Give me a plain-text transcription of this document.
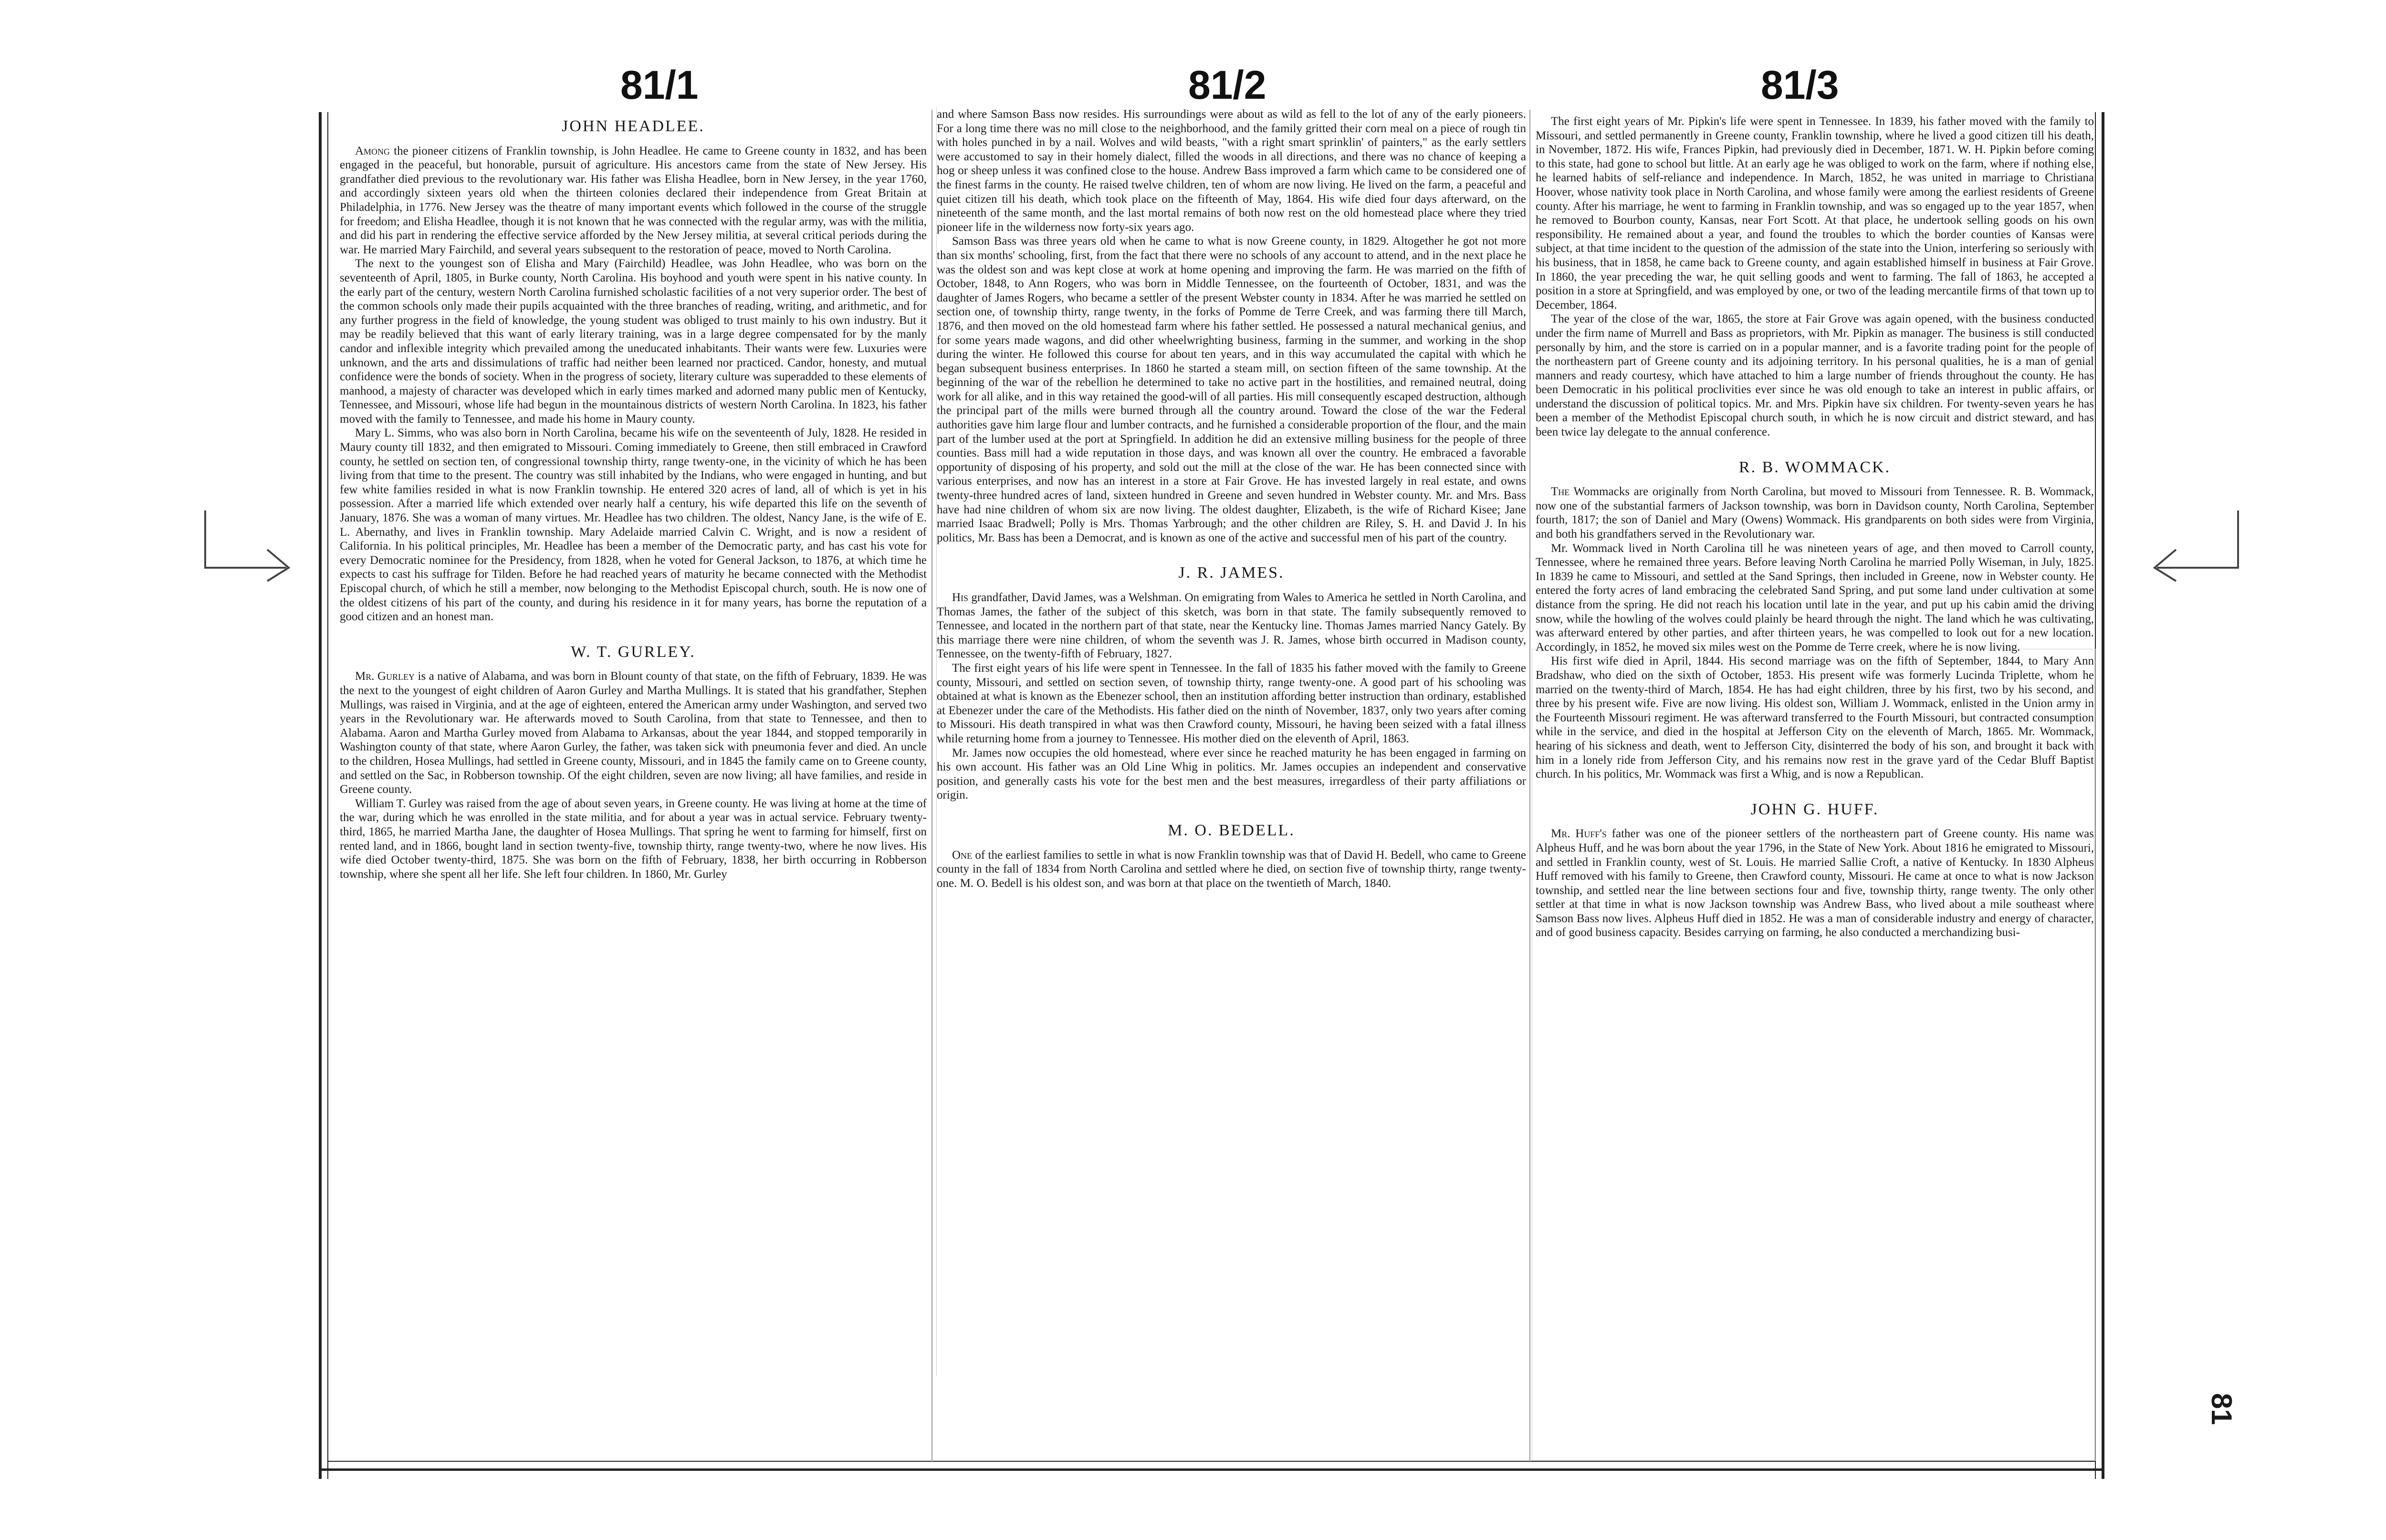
81/1	81/2	81/3
81
JOHN HEADLEE.

Among the pioneer citizens of Franklin township, is John Headlee. He came to Greene county in 1832, and has been engaged in the peaceful, but honorable, pursuit of agriculture. His ancestors came from the state of New Jersey. His grandfather died previous to the revolutionary war. His father was Elisha Headlee, born in New Jersey, in the year 1760, and accordingly sixteen years old when the thirteen colonies declared their independence from Great Britain at Philadelphia, in 1776. New Jersey was the theatre of many important events which followed in the course of the struggle for freedom; and Elisha Headlee, though it is not known that he was connected with the regular army, was with the militia, and did his part in rendering the effective service afforded by the New Jersey militia, at several critical periods during the war. He married Mary Fairchild, and several years subsequent to the restoration of peace, moved to North Carolina.

The next to the youngest son of Elisha and Mary (Fairchild) Headlee, was John Headlee, who was born on the seventeenth of April, 1805, in Burke county, North Carolina. His boyhood and youth were spent in his native county. In the early part of the century, western North Carolina furnished scholastic facilities of a not very superior order. The best of the common schools only made their pupils acquainted with the three branches of reading, writing, and arithmetic, and for any further progress in the field of knowledge, the young student was obliged to trust mainly to his own industry. But it may be readily believed that this want of early literary training, was in a large degree compensated for by the manly candor and inflexible integrity which prevailed among the uneducated inhabitants. Their wants were few. Luxuries were unknown, and the arts and dissimulations of traffic had neither been learned nor practiced. Candor, honesty, and mutual confidence were the bonds of society. When in the progress of society, literary culture was superadded to these elements of manhood, a majesty of character was developed which in early times marked and adorned many public men of Kentucky, Tennessee, and Missouri, whose life had begun in the mountainous districts of western North Carolina. In 1823, his father moved with the family to Tennessee, and made his home in Maury county.

Mary L. Simms, who was also born in North Carolina, became his wife on the seventeenth of July, 1828. He resided in Maury county till 1832, and then emigrated to Missouri. Coming immediately to Greene, then still embraced in Crawford county, he settled on section ten, of congressional township thirty, range twenty-one, in the vicinity of which he has been living from that time to the present. The country was still inhabited by the Indians, who were engaged in hunting, and but few white families resided in what is now Franklin township. He entered 320 acres of land, all of which is yet in his possession. After a married life which extended over nearly half a century, his wife departed this life on the seventh of January, 1876. She was a woman of many virtues. Mr. Headlee has two children. The oldest, Nancy Jane, is the wife of E. L. Abernathy, and lives in Franklin township. Mary Adelaide married Calvin C. Wright, and is now a resident of California. In his political principles, Mr. Headlee has been a member of the Democratic party, and has cast his vote for every Democratic nominee for the Presidency, from 1828, when he voted for General Jackson, to 1876, at which time he expects to cast his suffrage for Tilden. Before he had reached years of maturity he became connected with the Methodist Episcopal church, of which he still a member, now belonging to the Methodist Episcopal church, south. He is now one of the oldest citizens of his part of the county, and during his residence in it for many years, has borne the reputation of a good citizen and an honest man.

W. T. GURLEY.

Mr. Gurley is a native of Alabama, and was born in Blount county of that state, on the fifth of February, 1839. He was the next to the youngest of eight children of Aaron Gurley and Martha Mullings. It is stated that his grandfather, Stephen Mullings, was raised in Virginia, and at the age of eighteen, entered the American army under Washington, and served two years in the Revolutionary war. He afterwards moved to South Carolina, from that state to Tennessee, and then to Alabama. Aaron and Martha Gurley moved from Alabama to Arkansas, about the year 1844, and stopped temporarily in Washington county of that state, where Aaron Gurley, the father, was taken sick with pneumonia fever and died. An uncle to the children, Hosea Mullings, had settled in Greene county, Missouri, and in 1845 the family came on to Greene county, and settled on the Sac, in Robberson township. Of the eight children, seven are now living; all have families, and reside in Greene county.

William T. Gurley was raised from the age of about seven years, in Greene county. He was living at home at the time of the war, during which he was enrolled in the state militia, and for about a year was in actual service. February twenty-third, 1865, he married Martha Jane, the daughter of Hosea Mullings. That spring he went to farming for himself, first on rented land, and in 1866, bought land in section twenty-five, township thirty, range twenty-two, where he now lives. His wife died October twenty-third, 1875. She was born on the fifth of February, 1838, her birth occurring in Robberson township, where she spent all her life. She left four children. In 1860, Mr. Gurley

and where Samson Bass now resides. His surroundings were about as wild as fell to the lot of any of the early pioneers. For a long time there was no mill close to the neighborhood, and the family gritted their corn meal on a piece of rough tin with holes punched in by a nail. Wolves and wild beasts, "with a right smart sprinklin' of painters," as the early settlers were accustomed to say in their homely dialect, filled the woods in all directions, and there was no chance of keeping a hog or sheep unless it was confined close to the house. Andrew Bass improved a farm which came to be considered one of the finest farms in the county. He raised twelve children, ten of whom are now living. He lived on the farm, a peaceful and quiet citizen till his death, which took place on the fifteenth of May, 1864. His wife died four days afterward, on the nineteenth of the same month, and the last mortal remains of both now rest on the old homestead place where they tried pioneer life in the wilderness now forty-six years ago.

Samson Bass was three years old when he came to what is now Greene county, in 1829. Altogether he got not more than six months' schooling, first, from the fact that there were no schools of any account to attend, and in the next place he was the oldest son and was kept close at work at home opening and improving the farm. He was married on the fifth of October, 1848, to Ann Rogers, who was born in Middle Tennessee, on the fourteenth of October, 1831, and was the daughter of James Rogers, who became a settler of the present Webster county in 1834. After he was married he settled on section one, of township thirty, range twenty, in the forks of Pomme de Terre Creek, and was farming there till March, 1876, and then moved on the old homestead farm where his father settled. He possessed a natural mechanical genius, and for some years made wagons, and did other wheelwrighting business, farming in the summer, and working in the shop during the winter. He followed this course for about ten years, and in this way accumulated the capital with which he began subsequent business enterprises. In 1860 he started a steam mill, on section fifteen of the same township. At the beginning of the war of the rebellion he determined to take no active part in the hostilities, and remained neutral, doing work for all alike, and in this way retained the good-will of all parties. His mill consequently escaped destruction, although the principal part of the mills were burned through all the country around. Toward the close of the war the Federal authorities gave him large flour and lumber contracts, and he furnished a considerable proportion of the flour, and the main part of the lumber used at the port at Springfield. In addition he did an extensive milling business for the people of three counties. Bass mill had a wide reputation in those days, and was known all over the country. He embraced a favorable opportunity of disposing of his property, and sold out the mill at the close of the war. He has been connected since with various enterprises, and now has an interest in a store at Fair Grove. He has invested largely in real estate, and owns twenty-three hundred acres of land, sixteen hundred in Greene and seven hundred in Webster county. Mr. and Mrs. Bass have had nine children of whom six are now living. The oldest daughter, Elizabeth, is the wife of Richard Kisee; Jane married Isaac Bradwell; Polly is Mrs. Thomas Yarbrough; and the other children are Riley, S. H. and David J. In his politics, Mr. Bass has been a Democrat, and is known as one of the active and successful men of his part of the country.

J. R. JAMES.

His grandfather, David James, was a Welshman. On emigrating from Wales to America he settled in North Carolina, and Thomas James, the father of the subject of this sketch, was born in that state. The family subsequently removed to Tennessee, and located in the northern part of that state, near the Kentucky line. Thomas James married Nancy Gately. By this marriage there were nine children, of whom the seventh was J. R. James, whose birth occurred in Madison county, Tennessee, on the twenty-fifth of February, 1827.

The first eight years of his life were spent in Tennessee. In the fall of 1835 his father moved with the family to Greene county, Missouri, and settled on section seven, of township thirty, range twenty-one. A good part of his schooling was obtained at what is known as the Ebenezer school, then an institution affording better instruction than ordinary, established at Ebenezer under the care of the Methodists. His father died on the ninth of November, 1837, only two years after coming to Missouri. His death transpired in what was then Crawford county, Missouri, he having been seized with a fatal illness while returning home from a journey to Tennessee. His mother died on the eleventh of April, 1863.

Mr. James now occupies the old homestead, where ever since he reached maturity he has been engaged in farming on his own account. His father was an Old Line Whig in politics. Mr. James occupies an independent and conservative position, and generally casts his vote for the best men and the best measures, irregardless of their party affiliations or origin.

M. O. BEDELL.

One of the earliest families to settle in what is now Franklin township was that of David H. Bedell, who came to Greene county in the fall of 1834 from North Carolina and settled where he died, on section five of township thirty, range twenty-one. M. O. Bedell is his oldest son, and was born at that place on the twentieth of March, 1840.

The first eight years of Mr. Pipkin's life were spent in Tennessee. In 1839, his father moved with the family to Missouri, and settled permanently in Greene county, Franklin township, where he lived a good citizen till his death, in November, 1872. His wife, Frances Pipkin, had previously died in December, 1871. W. H. Pipkin before coming to this state, had gone to school but little. At an early age he was obliged to work on the farm, where if nothing else, he learned habits of self-reliance and independence. In March, 1852, he was united in marriage to Christiana Hoover, whose nativity took place in North Carolina, and whose family were among the earliest residents of Greene county. After his marriage, he went to farming in Franklin township, and was so engaged up to the year 1857, when he removed to Bourbon county, Kansas, near Fort Scott. At that place, he undertook selling goods on his own responsibility. He remained about a year, and found the troubles to which the border counties of Kansas were subject, at that time incident to the question of the admission of the state into the Union, interfering so seriously with his business, that in 1858, he came back to Greene county, and again established himself in business at Fair Grove. In 1860, the year preceding the war, he quit selling goods and went to farming. The fall of 1863, he accepted a position in a store at Springfield, and was employed by one, or two of the leading mercantile firms of that town up to December, 1864.

The year of the close of the war, 1865, the store at Fair Grove was again opened, with the business conducted under the firm name of Murrell and Bass as proprietors, with Mr. Pipkin as manager. The business is still conducted personally by him, and the store is carried on in a popular manner, and is a favorite trading point for the people of the northeastern part of Greene county and its adjoining territory. In his personal qualities, he is a man of genial manners and ready courtesy, which have attached to him a large number of friends throughout the county. He has been Democratic in his political proclivities ever since he was old enough to take an interest in public affairs, or understand the discussion of political topics. Mr. and Mrs. Pipkin have six children. For twenty-seven years he has been a member of the Methodist Episcopal church south, in which he is now circuit and district steward, and has been twice lay delegate to the annual conference.

R. B. WOMMACK.

The Wommacks are originally from North Carolina, but moved to Missouri from Tennessee. R. B. Wommack, now one of the substantial farmers of Jackson township, was born in Davidson county, North Carolina, September fourth, 1817; the son of Daniel and Mary (Owens) Wommack. His grandparents on both sides were from Virginia, and both his grandfathers served in the Revolutionary war.

Mr. Wommack lived in North Carolina till he was nineteen years of age, and then moved to Carroll county, Tennessee, where he remained three years. Before leaving North Carolina he married Polly Wiseman, in July, 1825. In 1839 he came to Missouri, and settled at the Sand Springs, then included in Greene, now in Webster county. He entered the forty acres of land embracing the celebrated Sand Spring, and put some land under cultivation at some distance from the spring. He did not reach his location until late in the year, and put up his cabin amid the driving snow, while the howling of the wolves could plainly be heard through the night. The land which he was cultivating, was afterward entered by other parties, and after thirteen years, he was compelled to look out for a new location. Accordingly, in 1852, he moved six miles west on the Pomme de Terre creek, where he is now living.

His first wife died in April, 1844. His second marriage was on the fifth of September, 1844, to Mary Ann Bradshaw, who died on the sixth of October, 1853. His present wife was formerly Lucinda Triplette, whom he married on the twenty-third of March, 1854. He has had eight children, three by his first, two by his second, and three by his present wife. Five are now living. His oldest son, William J. Wommack, enlisted in the Union army in the Fourteenth Missouri regiment. He was afterward transferred to the Fourth Missouri, but contracted consumption while in the service, and died in the hospital at Jefferson City on the eleventh of March, 1865. Mr. Wommack, hearing of his sickness and death, went to Jefferson City, disinterred the body of his son, and brought it back with him in a lonely ride from Jefferson City, and his remains now rest in the grave yard of the Cedar Bluff Baptist church. In his politics, Mr. Wommack was first a Whig, and is now a Republican.

JOHN G. HUFF.

Mr. Huff's father was one of the pioneer settlers of the northeastern part of Greene county. His name was Alpheus Huff, and he was born about the year 1796, in the State of New York. About 1816 he emigrated to Missouri, and settled in Franklin county, west of St. Louis. He married Sallie Croft, a native of Kentucky. In 1830 Alpheus Huff removed with his family to Greene, then Crawford county, Missouri. He came at once to what is now Jackson township, and settled near the line between sections four and five, township thirty, range twenty. The only other settler at that time in what is now Jackson township was Andrew Bass, who lived about a mile southeast where Samson Bass now lives. Alpheus Huff died in 1852. He was a man of considerable industry and energy of character, and of good business capacity. Besides carrying on farming, he also conducted a merchandizing busi-
